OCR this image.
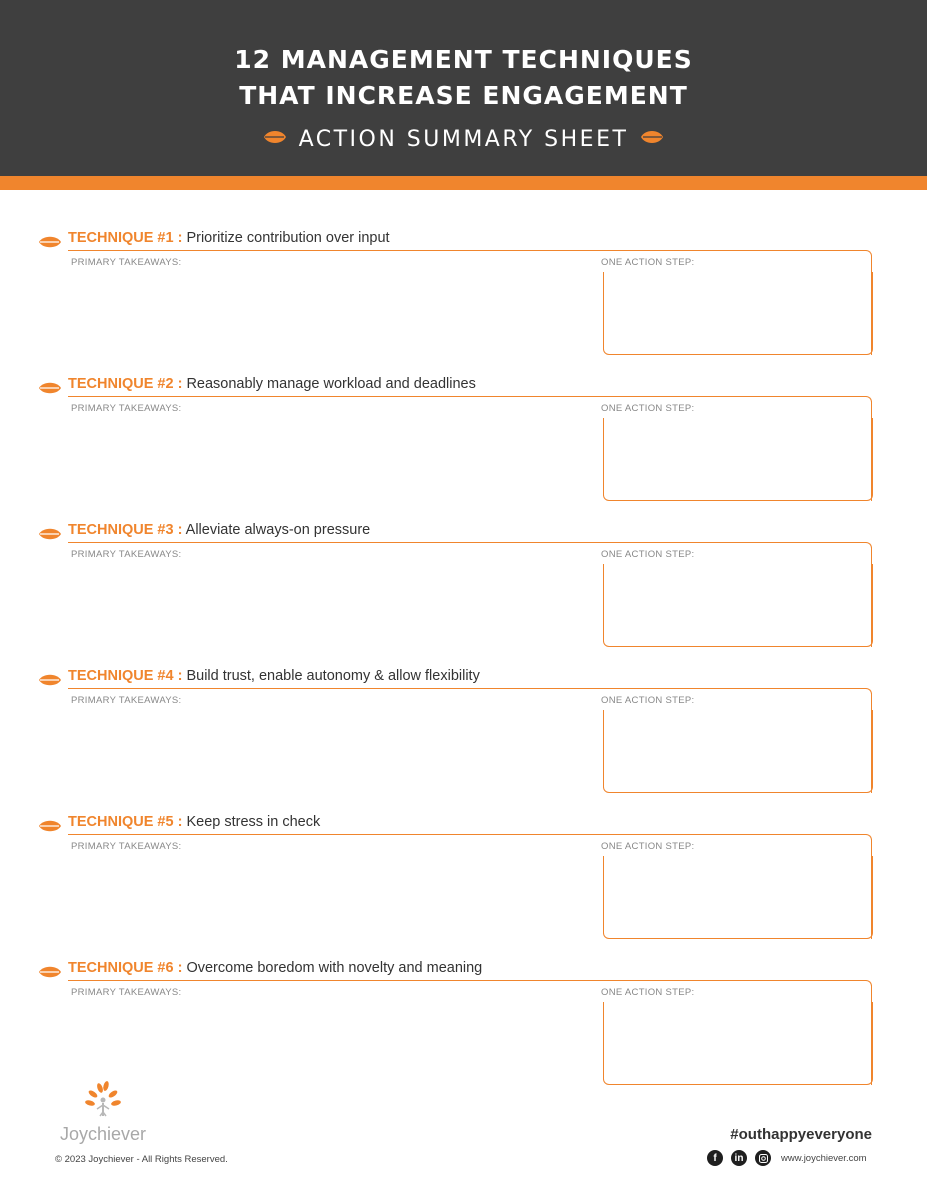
12 MANAGEMENT TECHNIQUES
THAT INCREASE ENGAGEMENT
ACTION SUMMARY SHEET
TECHNIQUE #1 : Prioritize contribution over input
PRIMARY TAKEAWAYS:	ONE ACTION STEP:
TECHNIQUE #2 : Reasonably manage workload and deadlines
PRIMARY TAKEAWAYS:	ONE ACTION STEP:
TECHNIQUE #3 : Alleviate always-on pressure
PRIMARY TAKEAWAYS:	ONE ACTION STEP:
TECHNIQUE #4 : Build trust, enable autonomy & allow flexibility
PRIMARY TAKEAWAYS:	ONE ACTION STEP:
TECHNIQUE #5 : Keep stress in check
PRIMARY TAKEAWAYS:	ONE ACTION STEP:
TECHNIQUE #6 : Overcome boredom with novelty and meaning
PRIMARY TAKEAWAYS:	ONE ACTION STEP:
Joychiever
© 2023 Joychiever - All Rights Reserved.
#outhappyeveryone
f	in	www.joychiever.com
